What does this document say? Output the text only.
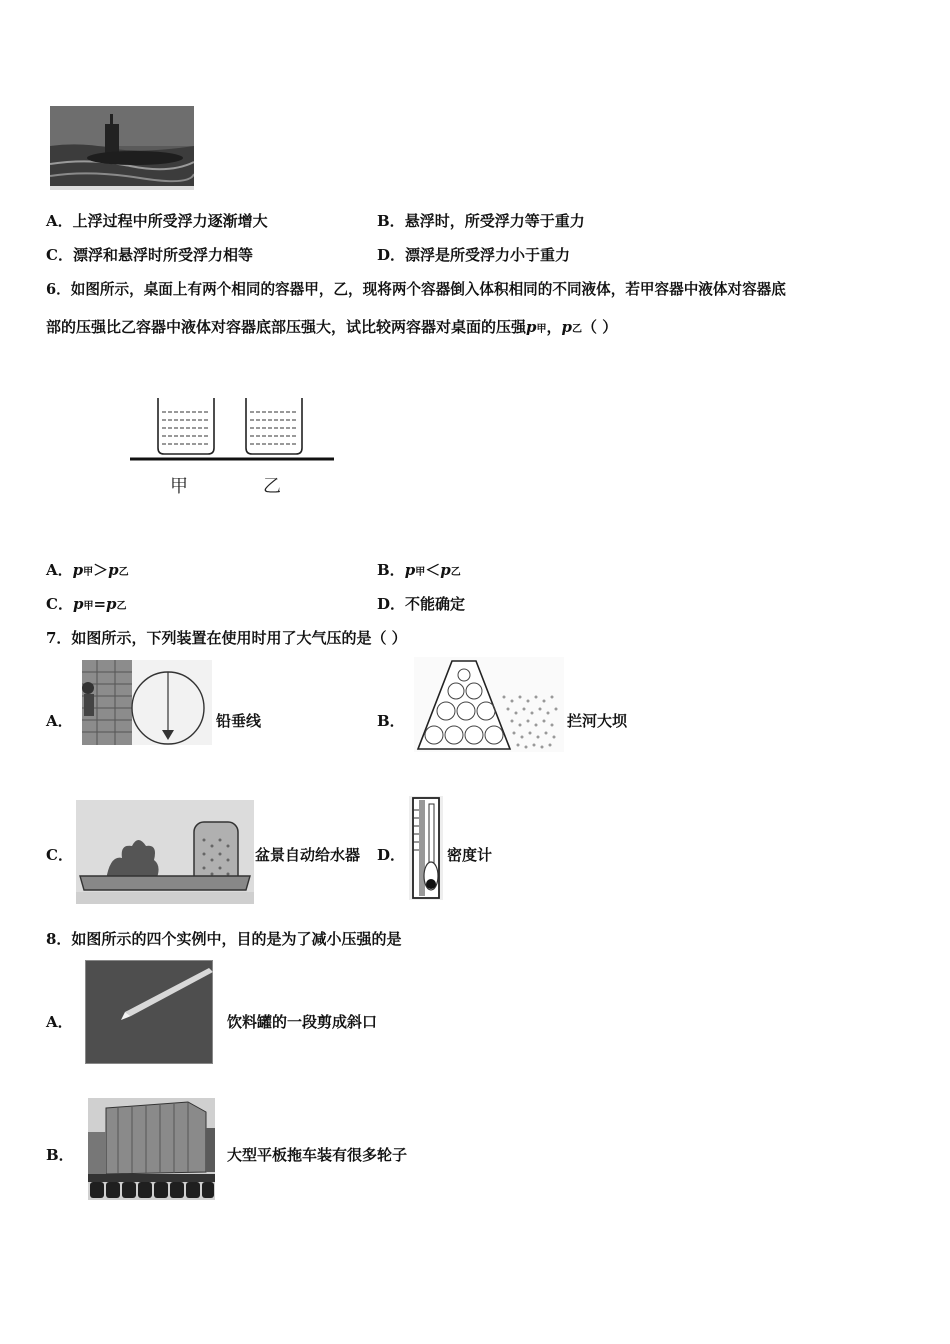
A．上浮过程中所受浮力逐渐增大	B．悬浮时，所受浮力等于重力
C．漂浮和悬浮时所受浮力相等	D．漂浮是所受浮力小于重力
6．如图所示，桌面上有两个相同的容器甲，乙，现将两个容器倒入体积相同的不同液体，若甲容器中液体对容器底
部的压强比乙容器中液体对容器底部压强大，试比较两容器对桌面的压强p甲，p乙（ ）
甲	乙
A．p甲＞p乙	B．p甲＜p乙
C．p甲=p乙	D．不能确定
7．如图所示，下列装置在使用时用了大气压的是（ ）
A．	铅垂线	B．	拦河大坝
C．	盆景自动给水器 D．	密度计
8．如图所示的四个实例中，目的是为了减小压强的是
A．	饮料罐的一段剪成斜口
B．	大型平板拖车装有很多轮子
